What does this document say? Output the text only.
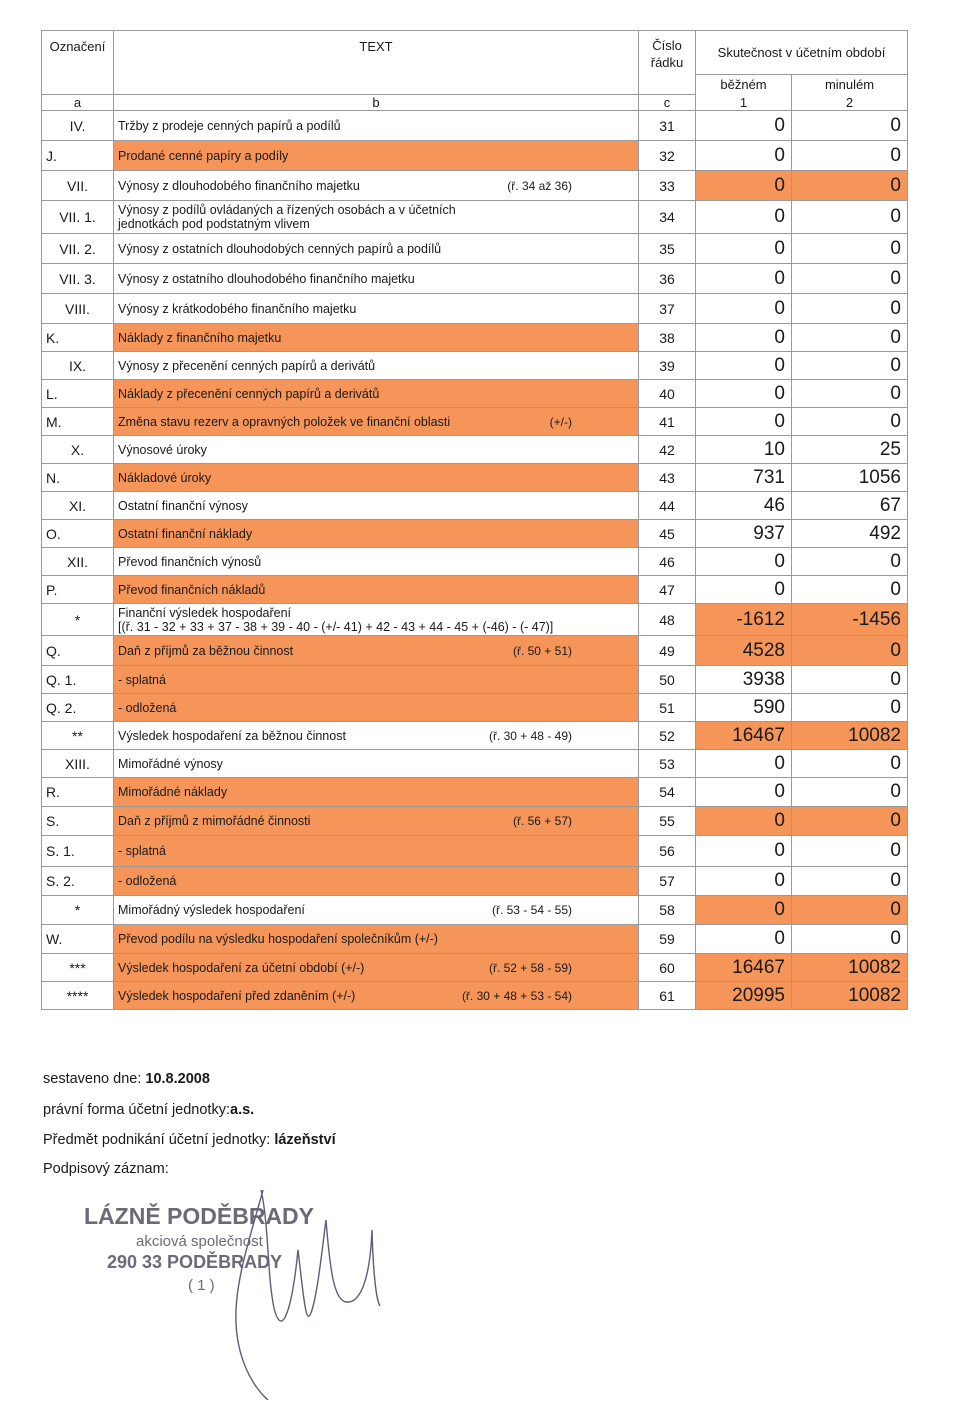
Označení	TEXT	Číslo
řádku	Skutečnost v účetním období	
			běžném	minulém
a	b	c	1	2
IV.	Tržby z prodeje cenných papírů a podílů	31	0	0
J.	Prodané cenné papíry a podíly	32	0	0
VII.	Výnosy z dlouhodobého finančního majetku (ř. 34 až 36)	33	0	0
VII. 1.	Výnosy z podílů ovládaných a řízených osobách a v účetních
jednotkách pod podstatným vlivem	34	0	0
VII. 2.	Výnosy z ostatních dlouhodobých cenných papírů a podílů	35	0	0
VII. 3.	Výnosy z ostatního dlouhodobého finančního majetku	36	0	0
VIII.	Výnosy z krátkodobého finančního majetku	37	0	0
K.	Náklady z finančního majetku	38	0	0
IX.	Výnosy z přecenění cenných papírů a derivátů	39	0	0
L.	Náklady z přecenění cenných papírů a derivátů	40	0	0
M.	Změna stavu rezerv a opravných položek ve finanční oblasti (+/-)	41	0	0
X.	Výnosové úroky	42	10	25
N.	Nákladové úroky	43	731	1056
XI.	Ostatní finanční výnosy	44	46	67
O.	Ostatní finanční náklady	45	937	492
XII.	Převod finančních výnosů	46	0	0
P.	Převod finančních nákladů	47	0	0
*	Finanční výsledek hospodaření
[(ř. 31 - 32 + 33 + 37 - 38 + 39 - 40 - (+/- 41) + 42 - 43 + 44 - 45 + (-46) - (- 47)]	48	-1612	-1456
Q.	Daň z příjmů za běžnou činnost (ř. 50 + 51)	49	4528	0
Q. 1.	- splatná	50	3938	0
Q. 2.	- odložená	51	590	0
**	Výsledek hospodaření za běžnou činnost (ř. 30 + 48 - 49)	52	16467	10082
XIII.	Mimořádné výnosy	53	0	0
R.	Mimořádné náklady	54	0	0
S.	Daň z příjmů z mimořádné činnosti (ř. 56 + 57)	55	0	0
S. 1.	- splatná	56	0	0
S. 2.	- odložená	57	0	0
*	Mimořádný výsledek hospodaření (ř. 53 - 54 - 55)	58	0	0
W.	Převod podílu na výsledku hospodaření společníkům (+/-)	59	0	0
***	Výsledek hospodaření za účetní období (+/-) (ř. 52 + 58 - 59)	60	16467	10082
****	Výsledek hospodaření před zdaněním (+/-) (ř. 30 + 48 + 53 - 54)	61	20995	10082
sestaveno dne: 10.8.2008
právní forma účetní jednotky:a.s.
Předmět podnikání účetní jednotky: lázeňství
Podpisový záznam:
LÁZNĚ PODĚBRADY
akciová společnost
290 33 PODĚBRADY
( 1 )
